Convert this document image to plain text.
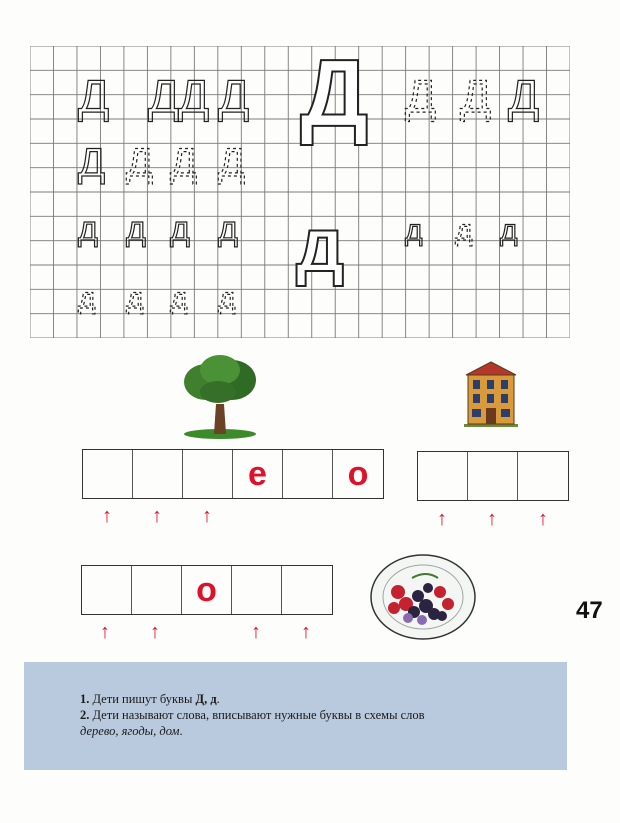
Д Д
Д Д	Д Д Д
Д Д Д Д
д д д д	д д д
д д д д
Д
д
е	о
↑ ↑ ↑	↑ ↑ ↑
о
↑ ↑	↑ ↑
47
1. Дети пишут буквы Д, д.
2. Дети называют слова, вписывают нужные буквы в схемы слов
дерево, ягоды, дом.
